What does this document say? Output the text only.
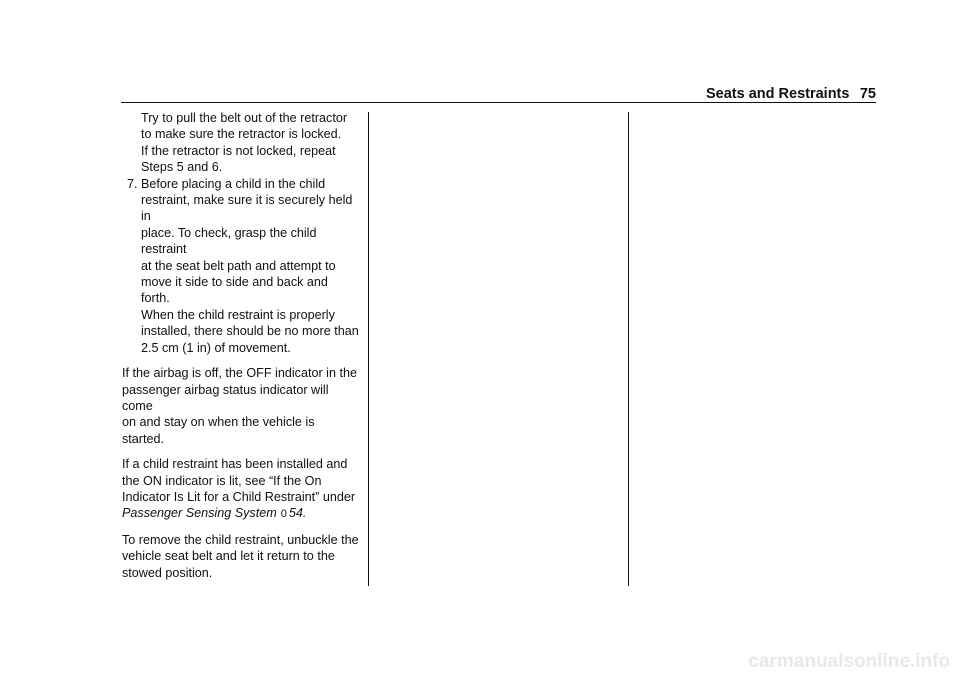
Seats and Restraints 75

Try to pull the belt out of the retractor
to make sure the retractor is locked.
If the retractor is not locked, repeat
Steps 5 and 6.

7. Before placing a child in the child
restraint, make sure it is securely held in
place. To check, grasp the child restraint
at the seat belt path and attempt to
move it side to side and back and forth.
When the child restraint is properly
installed, there should be no more than
2.5 cm (1 in) of movement.

If the airbag is off, the OFF indicator in the
passenger airbag status indicator will come
on and stay on when the vehicle is started.

If a child restraint has been installed and
the ON indicator is lit, see “If the On
Indicator Is Lit for a Child Restraint” under
Passenger Sensing System 0 54.

To remove the child restraint, unbuckle the
vehicle seat belt and let it return to the
stowed position.

carmanualsonline.info
